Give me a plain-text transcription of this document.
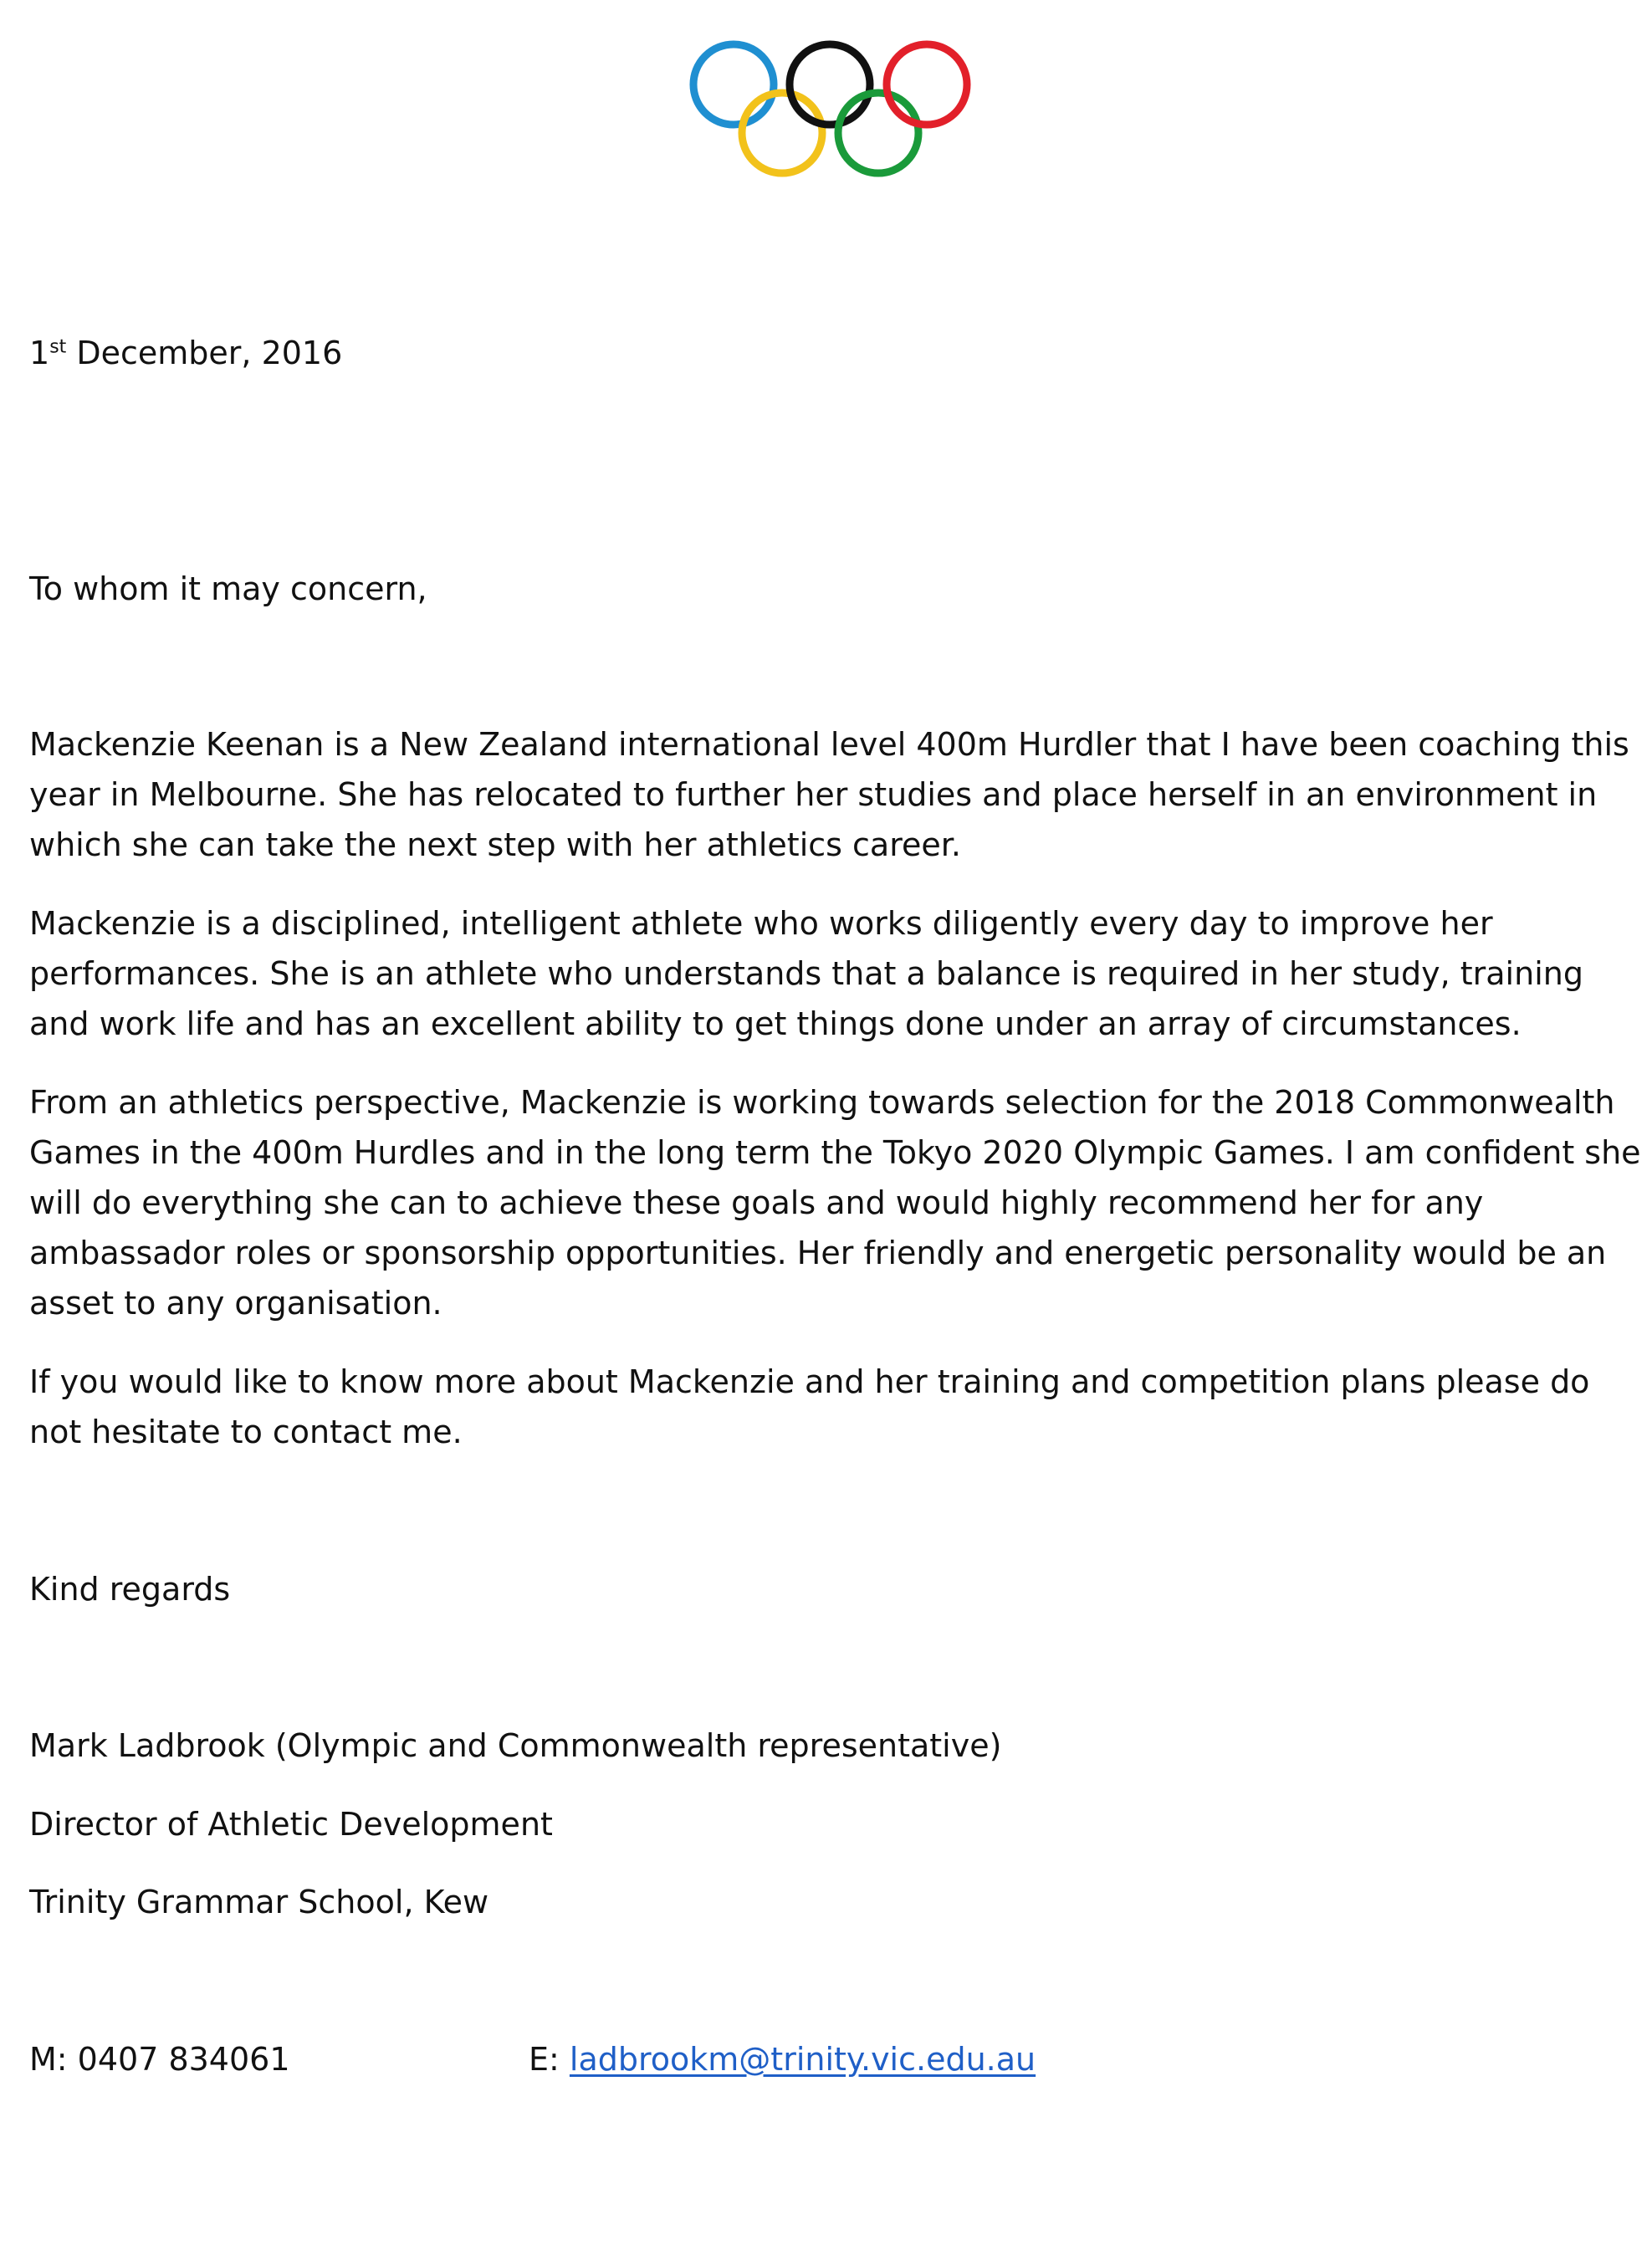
1st December, 2016
To whom it may concern,

Mackenzie Keenan is a New Zealand international level 400m Hurdler that I have been coaching this
year in Melbourne. She has relocated to further her studies and place herself in an environment in
which she can take the next step with her athletics career.

Mackenzie is a disciplined, intelligent athlete who works diligently every day to improve her
performances. She is an athlete who understands that a balance is required in her study, training
and work life and has an excellent ability to get things done under an array of circumstances.

From an athletics perspective, Mackenzie is working towards selection for the 2018 Commonwealth
Games in the 400m Hurdles and in the long term the Tokyo 2020 Olympic Games. I am confident she
will do everything she can to achieve these goals and would highly recommend her for any
ambassador roles or sponsorship opportunities. Her friendly and energetic personality would be an
asset to any organisation.

If you would like to know more about Mackenzie and her training and competition plans please do
not hesitate to contact me.

Kind regards
Mark Ladbrook (Olympic and Commonwealth representative)
Director of Athletic Development
Trinity Grammar School, Kew
M: 0407 834061	E: ladbrookm@trinity.vic.edu.au
